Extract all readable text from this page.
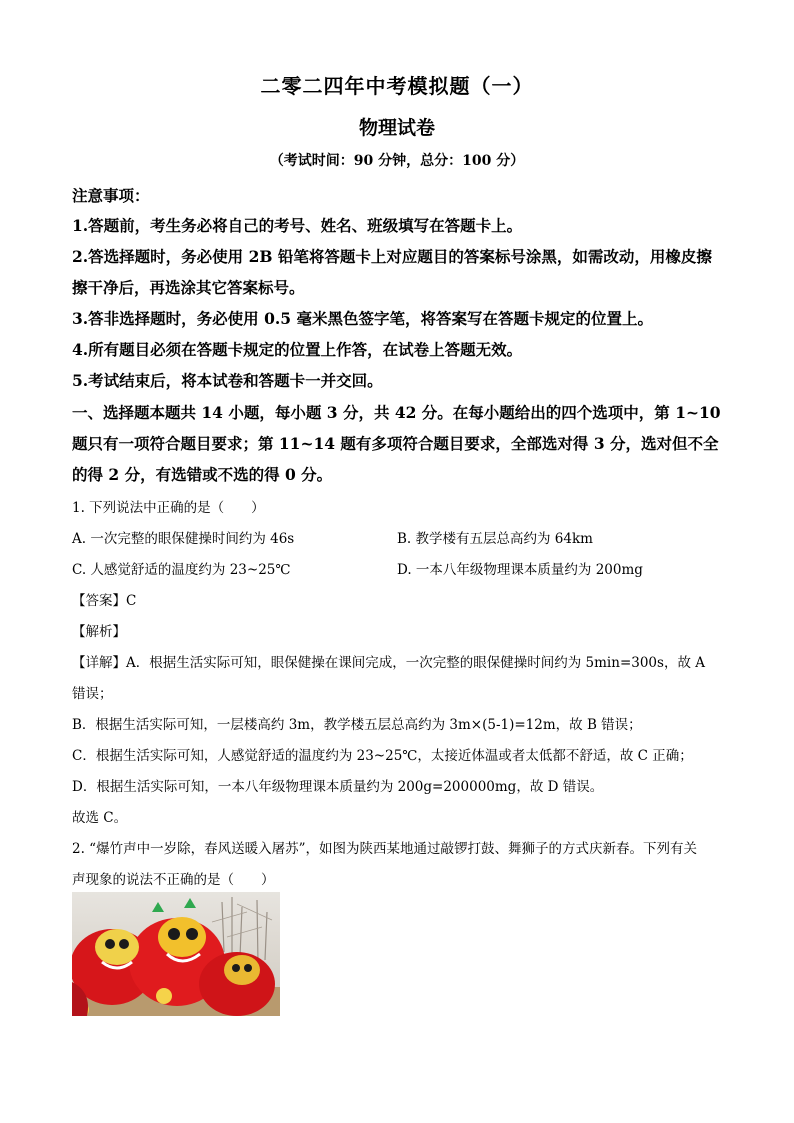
二零二四年中考模拟题（一）
物理试卷
（考试时间：90 分钟，总分：100 分）
注意事项：
1.答题前，考生务必将自己的考号、姓名、班级填写在答题卡上。
2.答选择题时，务必使用 2B 铅笔将答题卡上对应题目的答案标号涂黑，如需改动，用橡皮擦
擦干净后，再选涂其它答案标号。
3.答非选择题时，务必使用 0.5 毫米黑色签字笔，将答案写在答题卡规定的位置上。
4.所有题目必须在答题卡规定的位置上作答，在试卷上答题无效。
5.考试结束后，将本试卷和答题卡一并交回。
一、选择题本题共 14 小题，每小题 3 分，共 42 分。在每小题给出的四个选项中，第 1~10
题只有一项符合题目要求；第 11~14 题有多项符合题目要求，全部选对得 3 分，选对但不全
的得 2 分，有选错或不选的得 0 分。
1. 下列说法中正确的是（　　）
A. 一次完整的眼保健操时间约为 46s	B. 教学楼有五层总高约为 64km
C. 人感觉舒适的温度约为 23~25℃	D. 一本八年级物理课本质量约为 200mg
【答案】C
【解析】
【详解】A．根据生活实际可知，眼保健操在课间完成，一次完整的眼保健操时间约为 5min=300s，故 A
错误；
B．根据生活实际可知，一层楼高约 3m，教学楼五层总高约为 3m×(5-1)=12m，故 B 错误；
C．根据生活实际可知，人感觉舒适的温度约为 23~25℃，太接近体温或者太低都不舒适，故 C 正确；
D．根据生活实际可知，一本八年级物理课本质量约为 200g=200000mg，故 D 错误。
故选 C。
2. “爆竹声中一岁除，春风送暖入屠苏”，如图为陕西某地通过敲锣打鼓、舞狮子的方式庆新春。下列有关
声现象的说法不正确的是（　　）
